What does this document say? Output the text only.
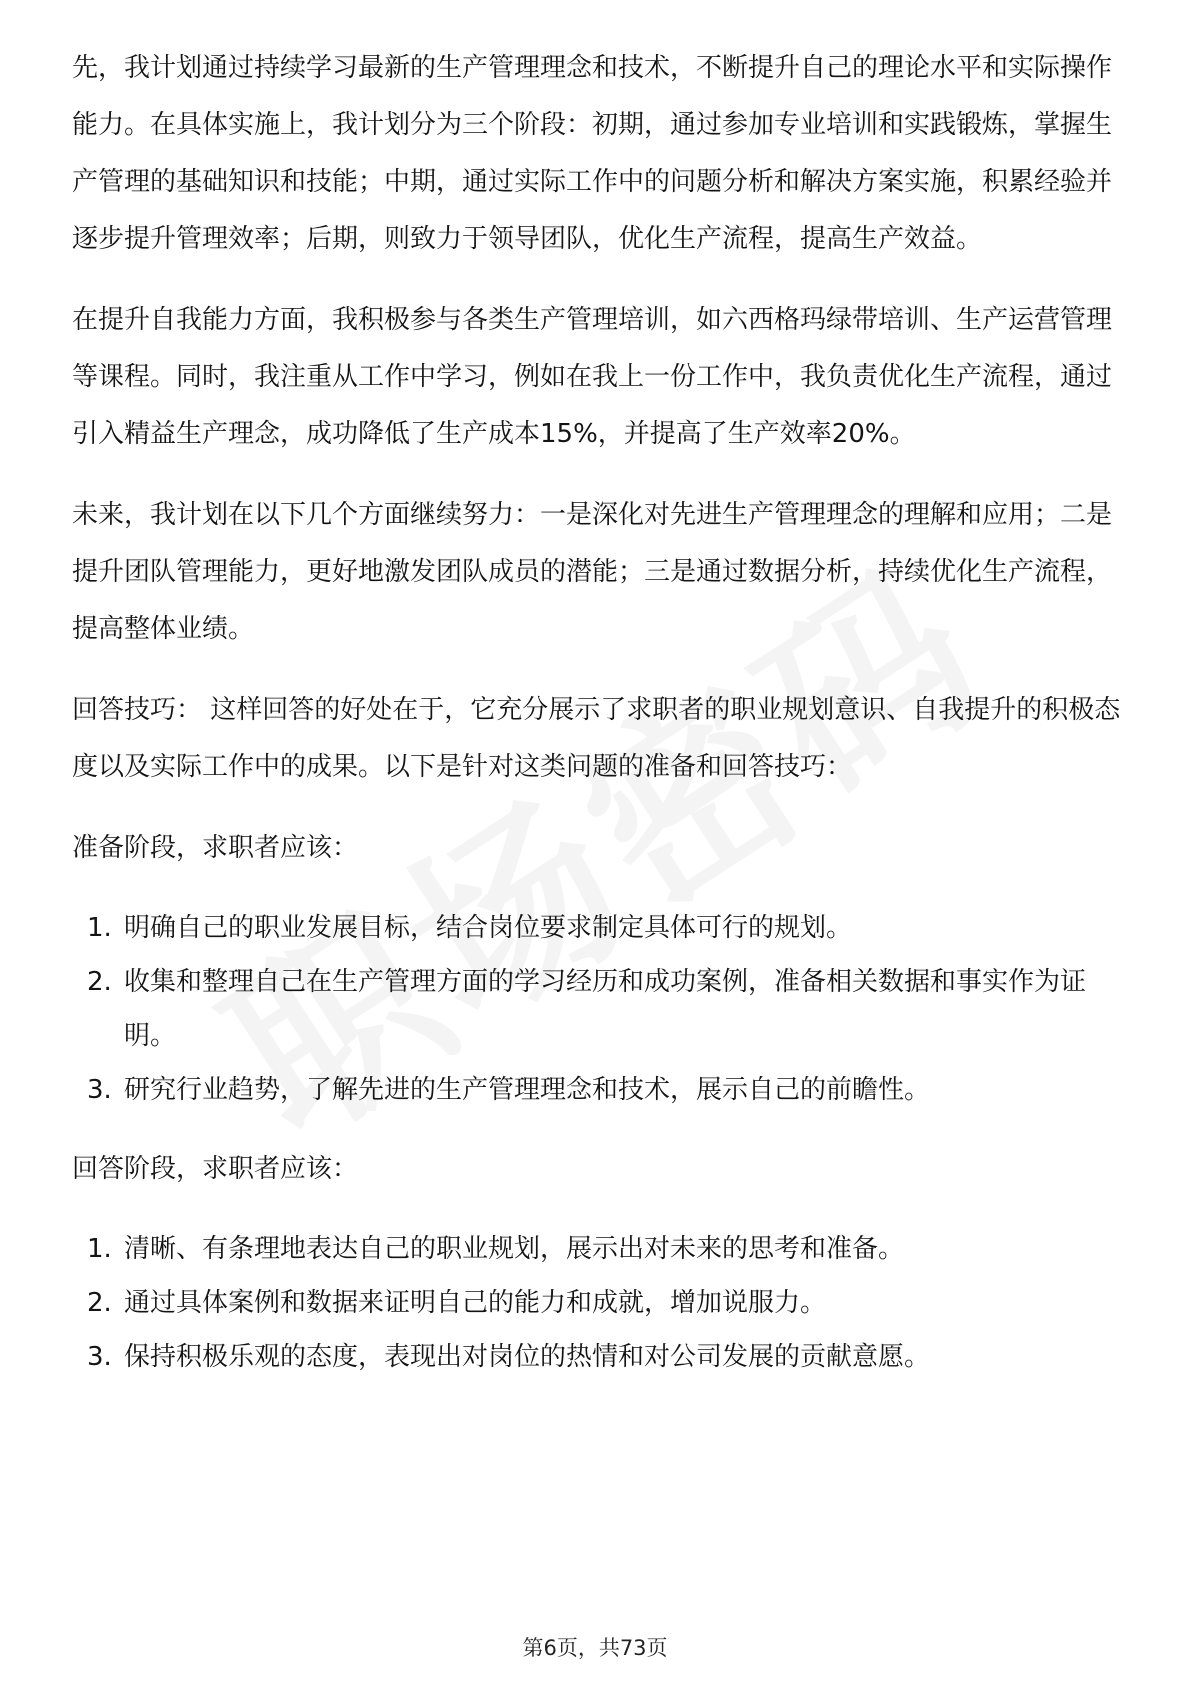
先，我计划通过持续学习最新的生产管理理念和技术，不断提升自己的理论水平和实际操作能力。在具体实施上，我计划分为三个阶段：初期，通过参加专业培训和实践锻炼，掌握生产管理的基础知识和技能；中期，通过实际工作中的问题分析和解决方案实施，积累经验并逐步提升管理效率；后期，则致力于领导团队，优化生产流程，提高生产效益。

在提升自我能力方面，我积极参与各类生产管理培训，如六西格玛绿带培训、生产运营管理等课程。同时，我注重从工作中学习，例如在我上一份工作中，我负责优化生产流程，通过引入精益生产理念，成功降低了生产成本15%，并提高了生产效率20%。

未来，我计划在以下几个方面继续努力：一是深化对先进生产管理理念的理解和应用；二是提升团队管理能力，更好地激发团队成员的潜能；三是通过数据分析，持续优化生产流程，提高整体业绩。

回答技巧： 这样回答的好处在于，它充分展示了求职者的职业规划意识、自我提升的积极态度以及实际工作中的成果。以下是针对这类问题的准备和回答技巧：

准备阶段，求职者应该：

1. 明确自己的职业发展目标，结合岗位要求制定具体可行的规划。
2. 收集和整理自己在生产管理方面的学习经历和成功案例，准备相关数据和事实作为证明。
3. 研究行业趋势，了解先进的生产管理理念和技术，展示自己的前瞻性。

回答阶段，求职者应该：

1. 清晰、有条理地表达自己的职业规划，展示出对未来的思考和准备。
2. 通过具体案例和数据来证明自己的能力和成就，增加说服力。
3. 保持积极乐观的态度，表现出对岗位的热情和对公司发展的贡献意愿。
第6页，共73页
